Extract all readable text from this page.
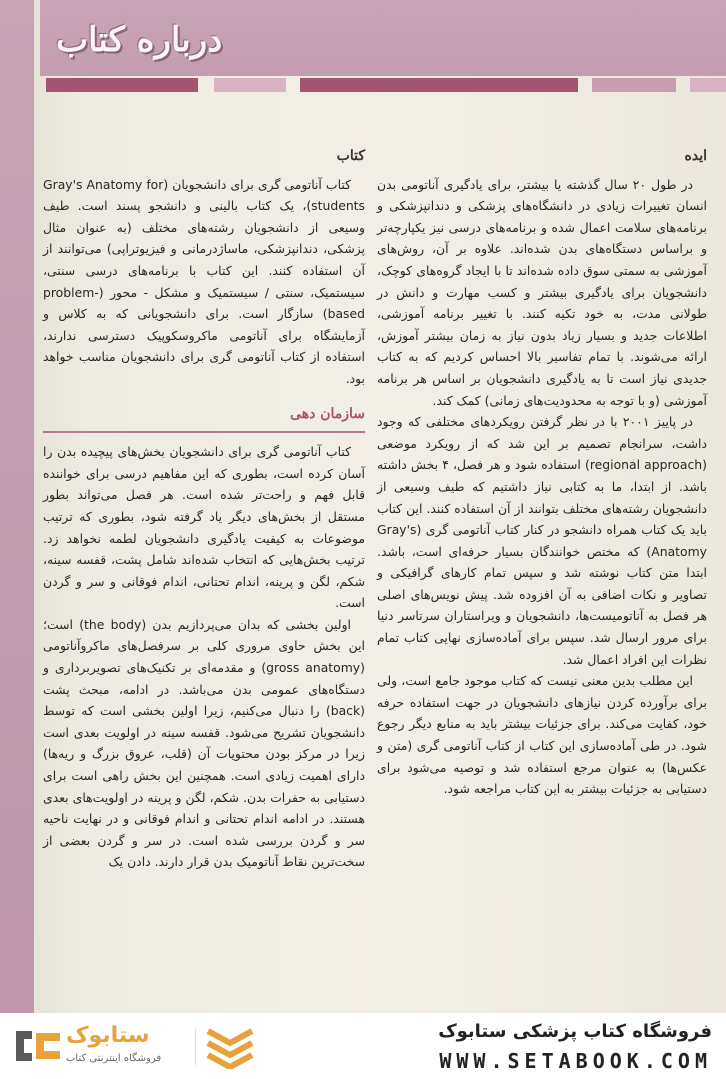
درباره کتاب
ایده

در طول ۲۰ سال گذشته یا بیشتر، برای یادگیری آناتومی بدن انسان تغییرات زیادی در دانشگاه‌های پزشکی و دندانپزشکی و برنامه‌های سلامت اعمال شده و برنامه‌های درسی نیز یکپارچه‌تر و براساس دستگاه‌های بدن شده‌اند. علاوه بر آن، روش‌های آموزشی به سمتی سوق داده شده‌اند تا با ایجاد گروه‌های کوچک، دانشجویان برای یادگیری بیشتر و کسب مهارت و دانش در طولانی مدت، به خود تکیه کنند. با تغییر برنامه آموزشی، اطلاعات جدید و بسیار زیاد بدون نیاز به زمان بیشتر آموزش، ارائه می‌شوند. با تمام تفاسیر بالا احساس کردیم که به کتاب جدیدی نیاز است تا به یادگیری دانشجویان بر اساس هر برنامه آموزشی (و با توجه به محدودیت‌های زمانی) کمک کند.

در پاییز ۲۰۰۱ با در نظر گرفتن رویکردهای مختلفی که وجود داشت، سرانجام تصمیم بر این شد که از رویکرد موضعی (regional approach) استفاده شود و هر فصل، ۴ بخش داشته باشد. از ابتدا، ما به کتابی نیاز داشتیم که طیف وسیعی از دانشجویان رشته‌های مختلف بتوانند از آن استفاده کنند. این کتاب باید یک کتاب همراه دانشجو در کنار کتاب آناتومی گری (Gray's Anatomy) که مختص خوانندگان بسیار حرفه‌ای است، باشد. ابتدا متن کتاب نوشته شد و سپس تمام کارهای گرافیکی و تصاویر و نکات اضافی به آن افزوده شد. پیش نویس‌های اصلی هر فصل به آناتومیست‌ها، دانشجویان و ویراستاران سرتاسر دنیا برای مرور ارسال شد. سپس برای آماده‌سازی نهایی کتاب تمام نظرات این افراد اعمال شد.

این مطلب بدین معنی نیست که کتاب موجود جامع است، ولی برای برآورده کردن نیازهای دانشجویان در جهت استفاده حرفه خود، کفایت می‌کند. برای جزئیات بیشتر باید به منابع دیگر رجوع شود. در طی آماده‌سازی این کتاب از کتاب آناتومی گری (متن و عکس‌ها) به عنوان مرجع استفاده شد و توصیه می‌شود برای دستیابی به جزئیات بیشتر به این کتاب مراجعه شود.

کتاب

کتاب آناتومی گری برای دانشجویان (Gray's Anatomy for students)، یک کتاب بالینی و دانشجو پسند است. طیف وسیعی از دانشجویان رشته‌های مختلف (به عنوان مثال پزشکی، دندانپزشکی، ماساژدرمانی و فیزیوتراپی) می‌توانند از آن استفاده کنند. این کتاب با برنامه‌های درسی سنتی، سیستمیک، سنتی / سیستمیک و مشکل - محور (problem-based) سازگار است. برای دانشجویانی که به کلاس و آزمایشگاه برای آناتومی ماکروسکوپیک دسترسی ندارند، استفاده از کتاب آناتومی گری برای دانشجویان مناسب خواهد بود.

سازمان دهی

کتاب آناتومی گری برای دانشجویان بخش‌های پیچیده بدن را آسان کرده است، بطوری که این مفاهیم درسی برای خواننده قابل فهم و راحت‌تر شده است. هر فصل می‌تواند بطور مستقل از بخش‌های دیگر یاد گرفته شود، بطوری که ترتیب موضوعات به کیفیت یادگیری دانشجویان لطمه نخواهد زد. ترتیب بخش‌هایی که انتخاب شده‌اند شامل پشت، قفسه سینه، شکم، لگن و پرینه، اندام تحتانی، اندام فوقانی و سر و گردن است.

اولین بخشی که بدان می‌پردازیم بدن (the body) است؛ این بخش حاوی مروری کلی بر سرفصل‌های ماکروآناتومی (gross anatomy) و مقدمه‌ای بر تکنیک‌های تصویربرداری و دستگاه‌های عمومی بدن می‌باشد. در ادامه، مبحث پشت (back) را دنبال می‌کنیم، زیرا اولین بخشی است که توسط دانشجویان تشریح می‌شود. قفسه سینه در اولویت بعدی است زیرا در مرکز بودن محتویات آن (قلب، عروق بزرگ و ریه‌ها) دارای اهمیت زیادی است. همچنین این بخش راهی است برای دستیابی به حفرات بدن. شکم، لگن و پرینه در اولویت‌های بعدی هستند. در ادامه اندام تحتانی و اندام فوقانی و در نهایت ناحیه سر و گردن بررسی شده است. در سر و گردن بعضی از سخت‌ترین نقاط آناتومیک بدن قرار دارند. دادن یک

ستابوک
فروشگاه اینترنتی کتاب
فروشگاه کتاب پزشکی ستابوک
WWW.SETABOOK.COM
